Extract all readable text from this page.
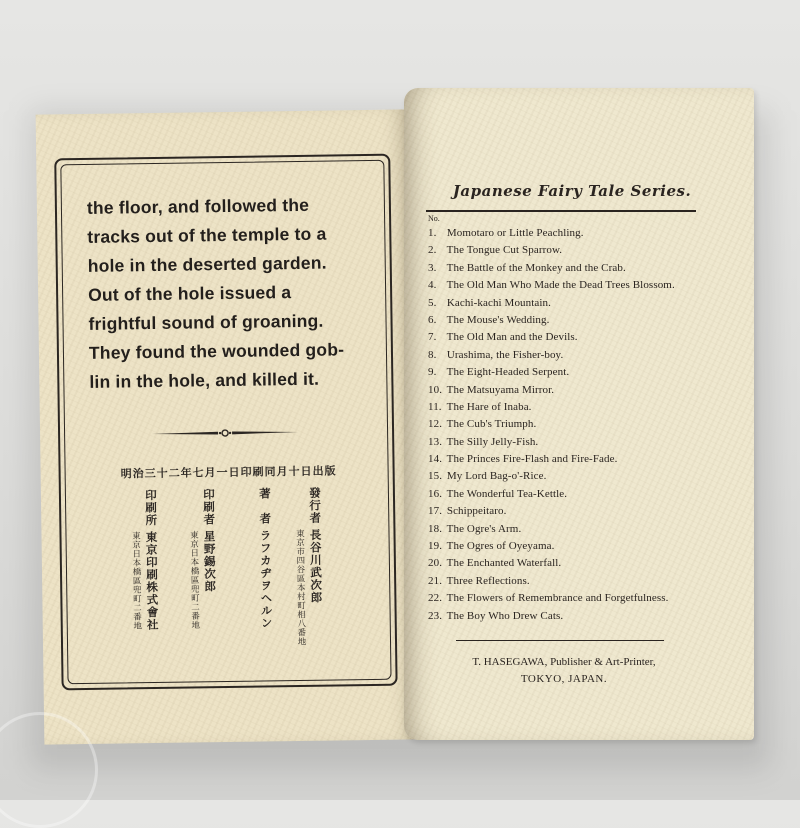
the floor, and followed the
tracks out of the temple to a
hole in the deserted garden.
Out of the hole issued a
frightful sound of groaning.
They found the wounded gob-
lin in the hole, and killed it.
明治三十二年七月一日印刷同月十日出版
發行者
長谷川武次郎
東京市四谷區本村町相八番地
著　者
ラフカヂヲヘルン
印刷者
星野錫次郎
東京日本橋區兜町二番地
印刷所
東京印刷株式會社
東京日本橋區兜町二番地
Japanese Fairy Tale Series.
No.
1. Momotaro or Little Peachling.
2. The Tongue Cut Sparrow.
3. The Battle of the Monkey and the Crab.
4. The Old Man Who Made the Dead Trees Blossom.
5. Kachi-kachi Mountain.
6. The Mouse's Wedding.
7. The Old Man and the Devils.
8. Urashima, the Fisher-boy.
9. The Eight-Headed Serpent.
10. The Matsuyama Mirror.
11. The Hare of Inaba.
12. The Cub's Triumph.
13. The Silly Jelly-Fish.
14. The Princes Fire-Flash and Fire-Fade.
15. My Lord Bag-o'-Rice.
16. The Wonderful Tea-Kettle.
17. Schippeitaro.
18. The Ogre's Arm.
19. The Ogres of Oyeyama.
20. The Enchanted Waterfall.
21. Three Reflections.
22. The Flowers of Remembrance and Forgetfulness.
23. The Boy Who Drew Cats.
T. HASEGAWA, Publisher & Art-Printer,
TOKYO, JAPAN.
